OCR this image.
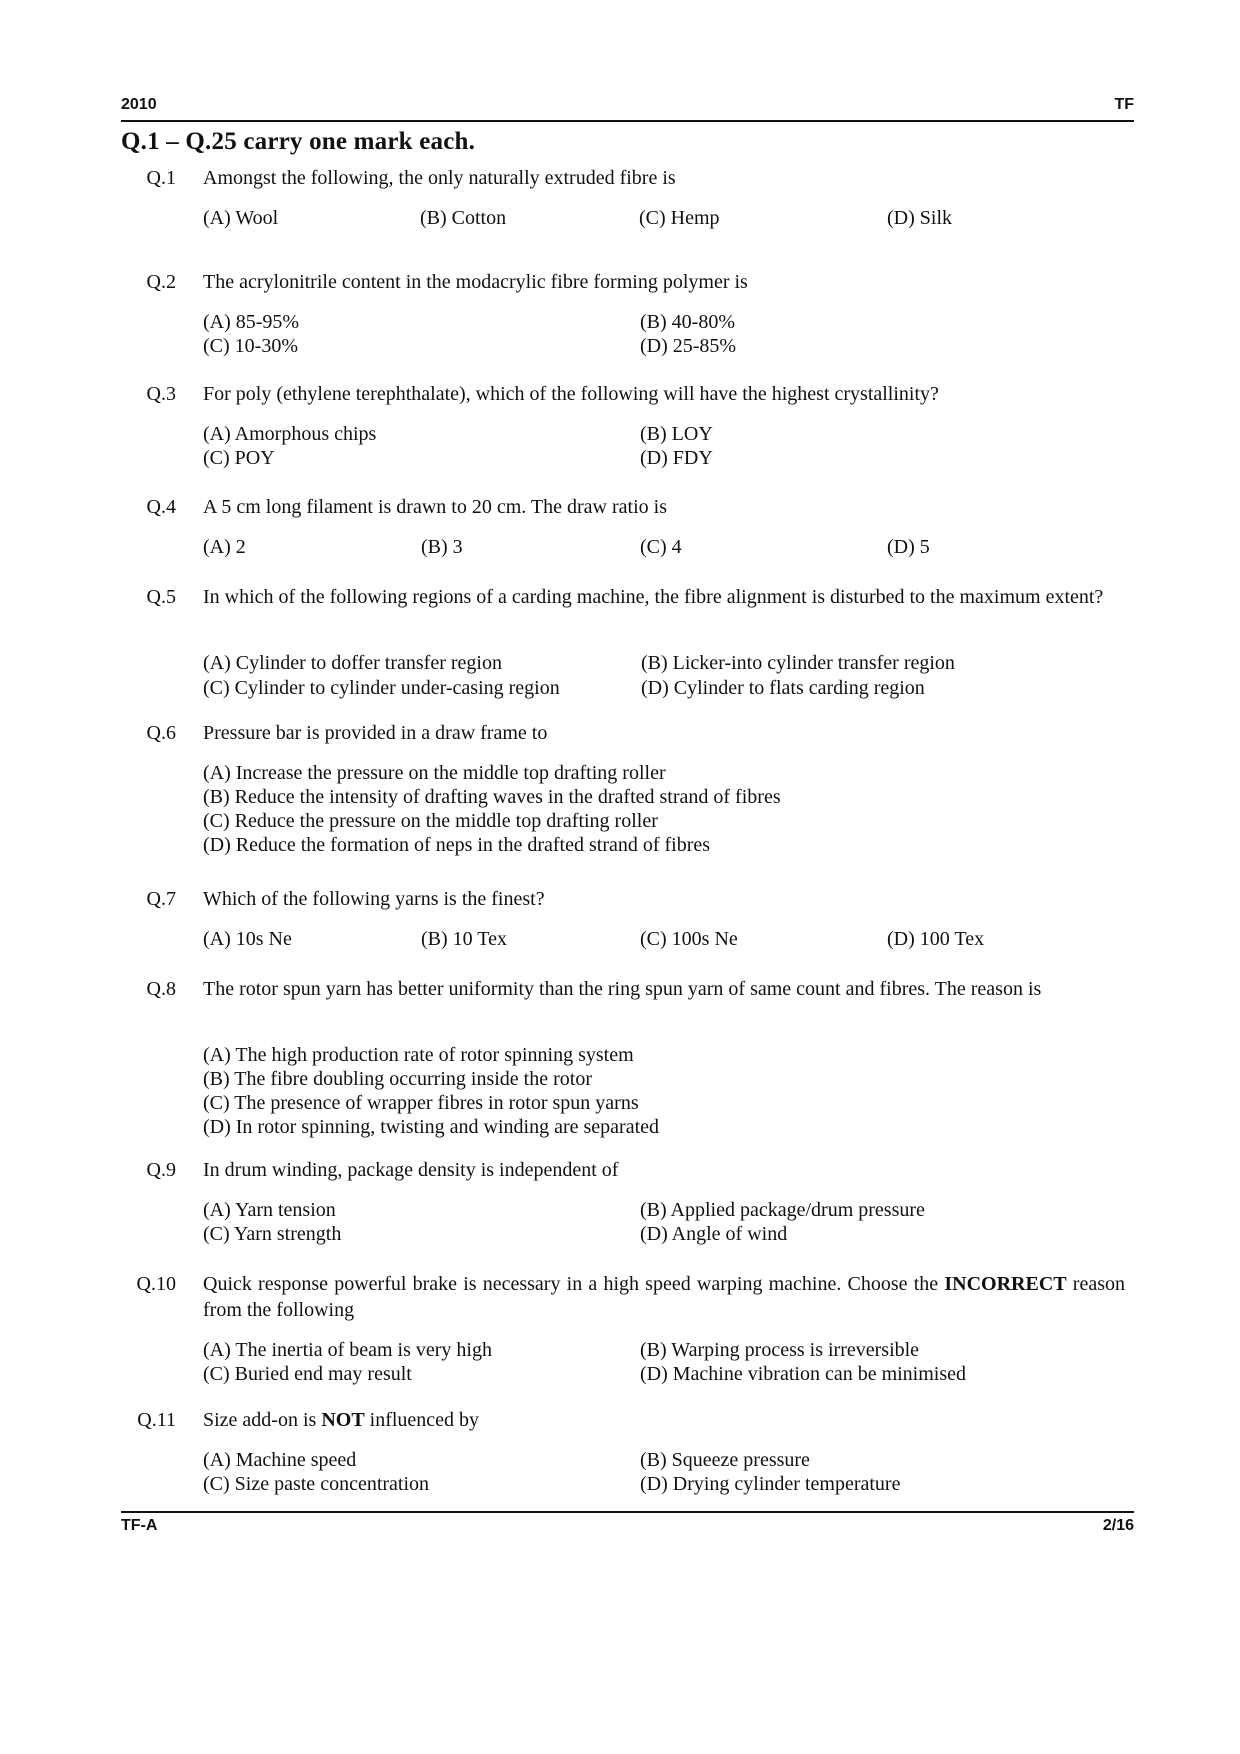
2010	TF
Q.1 – Q.25 carry one mark each.
Q.1 Amongst the following, the only naturally extruded fibre is
(A) Wool	(B) Cotton	(C) Hemp	(D) Silk
Q.2 The acrylonitrile content in the modacrylic fibre forming polymer is
(A) 85-95%	(B) 40-80%
(C) 10-30%	(D) 25-85%
Q.3 For poly (ethylene terephthalate), which of the following will have the highest crystallinity?
(A) Amorphous chips	(B) LOY
(C) POY	(D) FDY
Q.4 A 5 cm long filament is drawn to 20 cm. The draw ratio is
(A) 2	(B) 3	(C) 4	(D) 5
Q.5 In which of the following regions of a carding machine, the fibre alignment is disturbed to the maximum extent?
(A) Cylinder to doffer transfer region	(B) Licker-into cylinder transfer region
(C) Cylinder to cylinder under-casing region	(D) Cylinder to flats carding region
Q.6 Pressure bar is provided in a draw frame to
(A) Increase the pressure on the middle top drafting roller
(B) Reduce the intensity of drafting waves in the drafted strand of fibres
(C) Reduce the pressure on the middle top drafting roller
(D) Reduce the formation of neps in the drafted strand of fibres
Q.7 Which of the following yarns is the finest?
(A) 10s Ne	(B) 10 Tex	(C) 100s Ne	(D) 100 Tex
Q.8 The rotor spun yarn has better uniformity than the ring spun yarn of same count and fibres. The reason is
(A) The high production rate of rotor spinning system
(B) The fibre doubling occurring inside the rotor
(C) The presence of wrapper fibres in rotor spun yarns
(D) In rotor spinning, twisting and winding are separated
Q.9 In drum winding, package density is independent of
(A) Yarn tension	(B) Applied package/drum pressure
(C) Yarn strength	(D) Angle of wind
Q.10 Quick response powerful brake is necessary in a high speed warping machine. Choose the INCORRECT reason from the following
(A) The inertia of beam is very high	(B) Warping process is irreversible
(C) Buried end may result	(D) Machine vibration can be minimised
Q.11 Size add-on is NOT influenced by
(A) Machine speed	(B) Squeeze pressure
(C) Size paste concentration	(D) Drying cylinder temperature
TF-A	2/16
